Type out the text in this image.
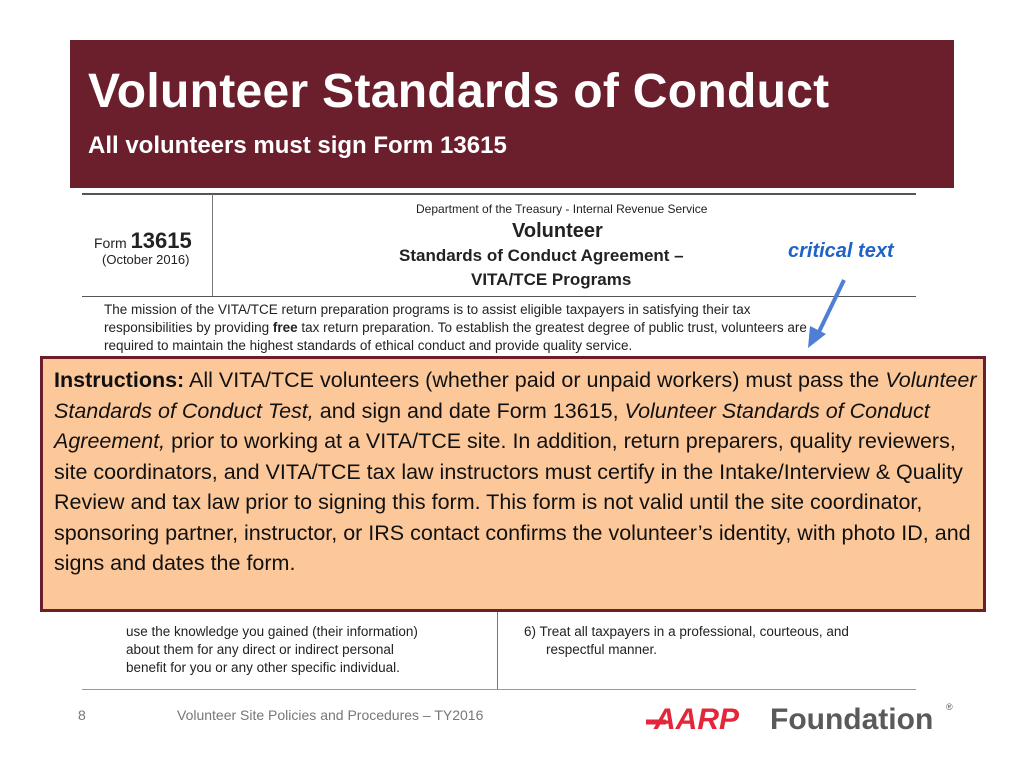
Volunteer Standards of Conduct
All volunteers must sign Form 13615
Form 13615
(October 2016)
Department of the Treasury - Internal Revenue Service
Volunteer
Standards of Conduct Agreement –
VITA/TCE Programs
The mission of the VITA/TCE return preparation programs is to assist eligible taxpayers in satisfying their tax
responsibilities by providing free tax return preparation. To establish the greatest degree of public trust, volunteers are
required to maintain the highest standards of ethical conduct and provide quality service.
use the knowledge you gained (their information)
about them for any direct or indirect personal
benefit for you or any other specific individual.
6) Treat all taxpayers in a professional, courteous, and
respectful manner.
critical text
Instructions: All VITA/TCE volunteers (whether paid or unpaid workers) must pass the Volunteer Standards of Conduct Test, and sign and date Form 13615, Volunteer Standards of Conduct Agreement, prior to working at a VITA/TCE site. In addition, return preparers, quality reviewers, site coordinators, and VITA/TCE tax law instructors must certify in the Intake/Interview & Quality Review and tax law prior to signing this form. This form is not valid until the site coordinator, sponsoring partner, instructor, or IRS contact confirms the volunteer’s identity, with photo ID, and signs and dates the form.
8	Volunteer Site Policies and Procedures – TY2016	AARP Foundation ®
